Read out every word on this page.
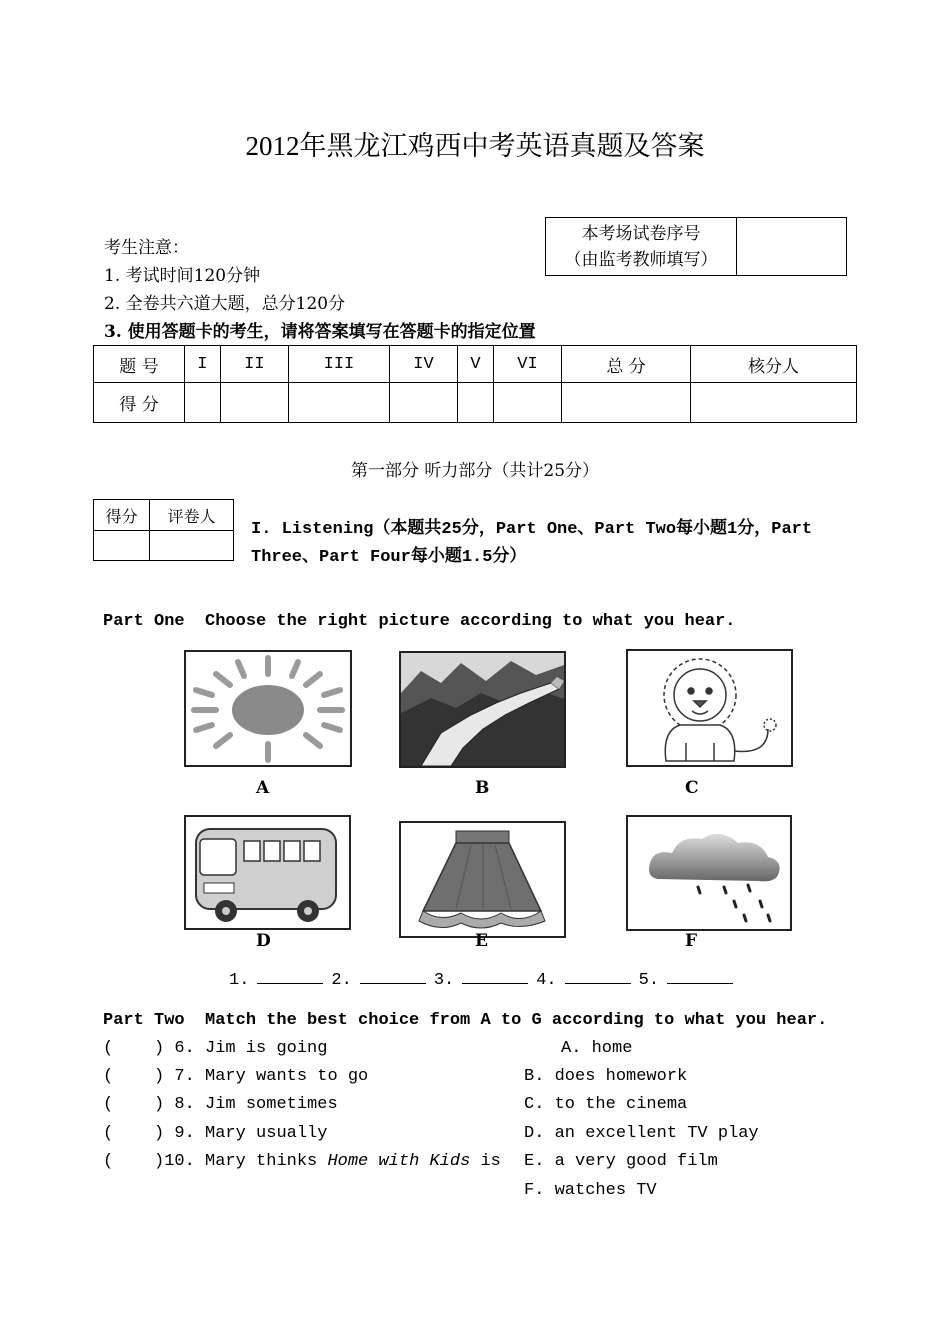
2012年黑龙江鸡西中考英语真题及答案
考生注意：
1. 考试时间120分钟
2. 全卷共六道大题，总分120分
3. 使用答题卡的考生，请将答案填写在答题卡的指定位置
本考场试卷序号
（由监考教师填写）

题 号	I	II	III	IV	V	VI	总 分	核分人
得 分								
第一部分 听力部分（共计25分）
得分	评卷人

I. Listening（本题共25分，Part One、Part Two每小题1分，Part
Three、Part Four每小题1.5分）
Part One  Choose the right picture according to what you hear.
A	B	C
D	E	F
1.	2.	3.	4.	5.
Part Two  Match the best choice from A to G according to what you hear.
(    ) 6. Jim is going
(    ) 7. Mary wants to go
(    ) 8. Jim sometimes
(    ) 9. Mary usually
(    )10. Mary thinks Home with Kids is
A. home
B. does homework
C. to the cinema
D. an excellent TV play
E. a very good film
F. watches TV
